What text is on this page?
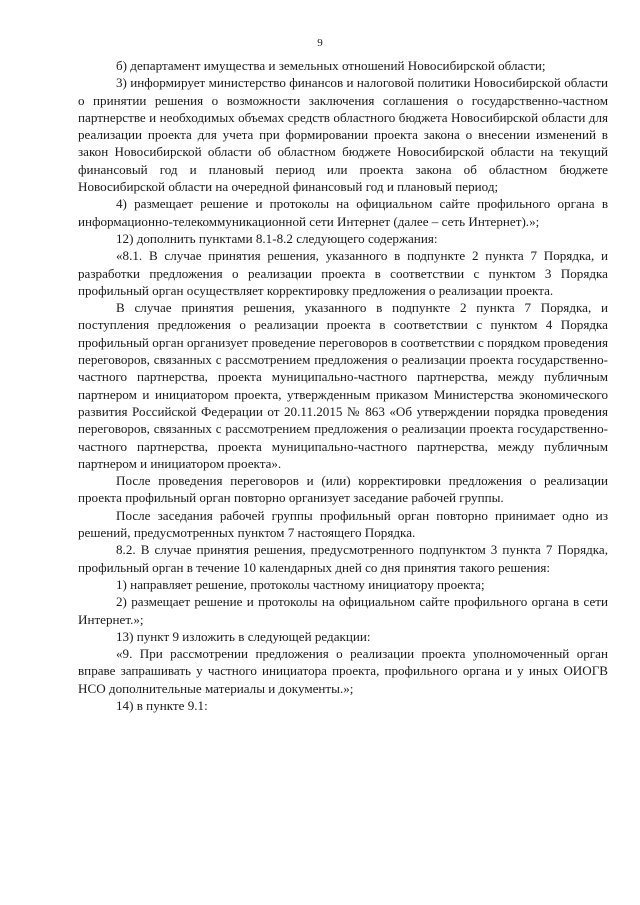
9

б) департамент имущества и земельных отношений Новосибирской области;

3) информирует министерство финансов и налоговой политики Новосибирской области о принятии решения о возможности заключения соглашения о государственно-частном партнерстве и необходимых объемах средств областного бюджета Новосибирской области для реализации проекта для учета при формировании проекта закона о внесении изменений в закон Новосибирской области об областном бюджете Новосибирской области на текущий финансовый год и плановый период или проекта закона об областном бюджете Новосибирской области на очередной финансовый год и плановый период;

4) размещает решение и протоколы на официальном сайте профильного органа в информационно-телекоммуникационной сети Интернет (далее – сеть Интернет).»;

12) дополнить пунктами 8.1-8.2 следующего содержания:

«8.1. В случае принятия решения, указанного в подпункте 2 пункта 7 Порядка, и разработки предложения о реализации проекта в соответствии с пунктом 3 Порядка профильный орган осуществляет корректировку предложения о реализации проекта.

В случае принятия решения, указанного в подпункте 2 пункта 7 Порядка, и поступления предложения о реализации проекта в соответствии с пунктом 4 Порядка профильный орган организует проведение переговоров в соответствии с порядком проведения переговоров, связанных с рассмотрением предложения о реализации проекта государственно-частного партнерства, проекта муниципально-частного партнерства, между публичным партнером и инициатором проекта, утвержденным приказом Министерства экономического развития Российской Федерации от 20.11.2015 № 863 «Об утверждении порядка проведения переговоров, связанных с рассмотрением предложения о реализации проекта государственно-частного партнерства, проекта муниципально-частного партнерства, между публичным партнером и инициатором проекта».

После проведения переговоров и (или) корректировки предложения о реализации проекта профильный орган повторно организует заседание рабочей группы.

После заседания рабочей группы профильный орган повторно принимает одно из решений, предусмотренных пунктом 7 настоящего Порядка.

8.2. В случае принятия решения, предусмотренного подпунктом 3 пункта 7 Порядка, профильный орган в течение 10 календарных дней со дня принятия такого решения:

1) направляет решение, протоколы частному инициатору проекта;

2) размещает решение и протоколы на официальном сайте профильного органа в сети Интернет.»;

13) пункт 9 изложить в следующей редакции:

«9. При рассмотрении предложения о реализации проекта уполномоченный орган вправе запрашивать у частного инициатора проекта, профильного органа и у иных ОИОГВ НСО дополнительные материалы и документы.»;

14) в пункте 9.1:
